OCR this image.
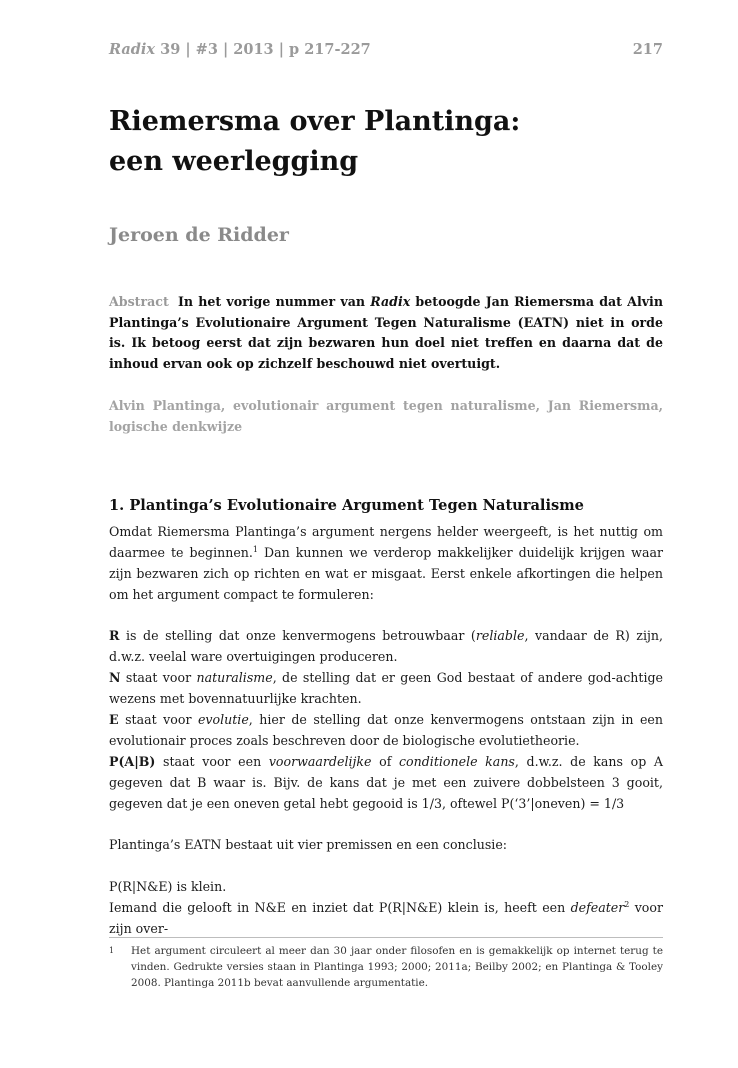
Radix 39 | #3 | 2013 | p 217-227	217
Riemersma over Plantinga:
een weerlegging
Jeroen de Ridder

Abstract In het vorige nummer van Radix betoogde Jan Riemersma dat Alvin Plantinga’s Evolutionaire Argument Tegen Naturalisme (EATN) niet in orde is. Ik betoog eerst dat zijn bezwaren hun doel niet treffen en daarna dat de inhoud ervan ook op zichzelf beschouwd niet overtuigt.

Alvin Plantinga, evolutionair argument tegen naturalisme, Jan Riemersma, logische denkwijze

1. Plantinga’s Evolutionaire Argument Tegen Naturalisme

Omdat Riemersma Plantinga’s argument nergens helder weergeeft, is het nuttig om daarmee te beginnen.$^1$ Dan kunnen we verderop makkelijker duidelijk krijgen waar zijn bezwaren zich op richten en wat er misgaat. Eerst enkele afkortingen die helpen om het argument compact te formuleren:

R is de stelling dat onze kenvermogens betrouwbaar (reliable, vandaar de R) zijn, d.w.z. veelal ware overtuigingen produceren.

N staat voor naturalisme, de stelling dat er geen God bestaat of andere god-achtige wezens met bovennatuurlijke krachten.

E staat voor evolutie, hier de stelling dat onze kenvermogens ontstaan zijn in een evolutionair proces zoals beschreven door de biologische evolutietheorie.

P(A|B) staat voor een voorwaardelijke of conditionele kans, d.w.z. de kans op A gegeven dat B waar is. Bijv. de kans dat je met een zuivere dobbelsteen 3 gooit, gegeven dat je een oneven getal hebt gegooid is 1/3, oftewel P(‘3’|oneven) = 1/3

Plantinga’s EATN bestaat uit vier premissen en een conclusie:

P(R|N&E) is klein.

Iemand die gelooft in N&E en inziet dat P(R|N&E) klein is, heeft een defeater$^2$ voor zijn over-

1 Het argument circuleert al meer dan 30 jaar onder filosofen en is gemakkelijk op internet terug te vinden. Gedrukte versies staan in Plantinga 1993; 2000; 2011a; Beilby 2002; en Plantinga & Tooley 2008. Plantinga 2011b bevat aanvullende argumentatie.
